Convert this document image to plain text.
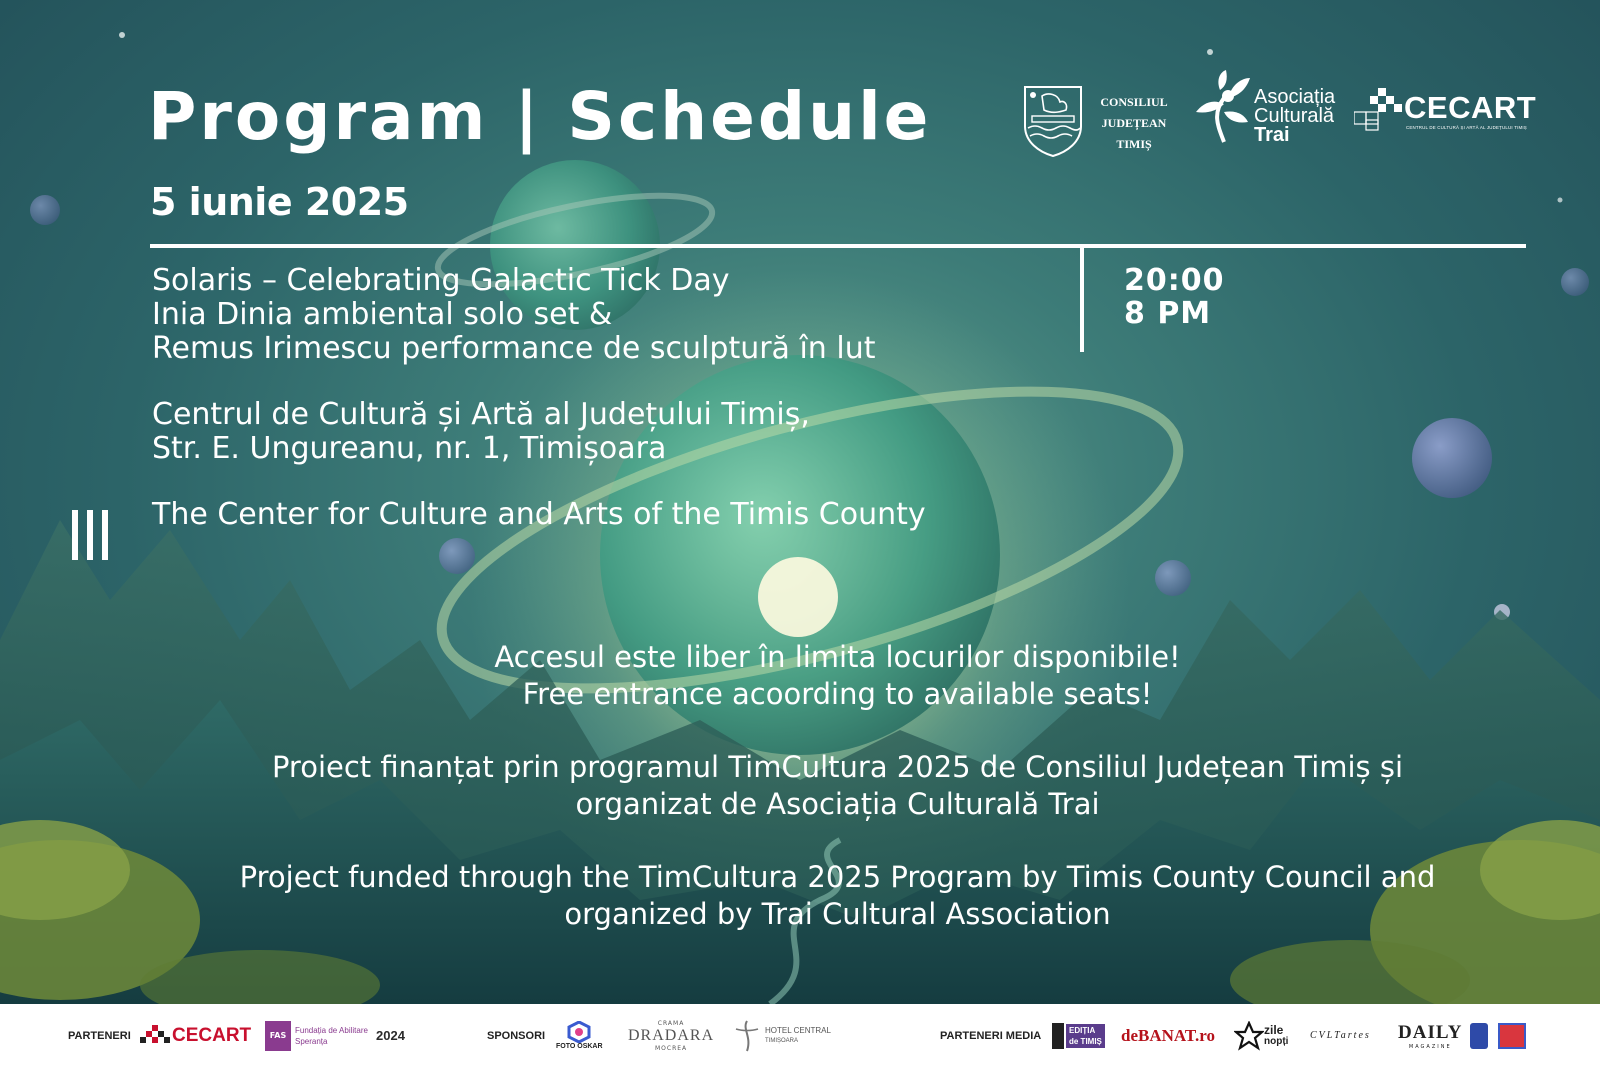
Program | Schedule
5 iunie 2025
CONSILIUL
JUDEȚEAN
TIMIȘ
Asociația
Culturală
Trai
CECART
CENTRUL DE CULTURĂ ȘI ARTĂ AL JUDEȚULUI TIMIȘ
Solaris – Celebrating Galactic Tick Day
Inia Dinia ambiental solo set &
Remus Irimescu performance de sculptură în lut
20:00
8 PM
Centrul de Cultură și Artă al Județului Timiș,
Str. E. Ungureanu, nr. 1, Timișoara
The Center for Culture and Arts of the Timis County
Accesul este liber în limita locurilor disponibile!
Free entrance acoording to available seats!
Proiect finanțat prin programul TimCultura 2025 de Consiliul Județean Timiș și
organizat de Asociația Culturală Trai
Project funded through the TimCultura 2025 Program by Timis County Council and
organized by Trai Cultural Association
PARTENERI CECART FAS
Fundația de Abilitare
Speranța	2024	SPONSORI
FOTO OSKAR
CRAMA
DRADARA
MOCREA
HOTEL CENTRAL
TIMIȘOARA	PARTENERI MEDIA	EDIȚIA
de TIMIȘ deBANAT.ro	zile
nopți CVLTartes DAILY
MAGAZINE
